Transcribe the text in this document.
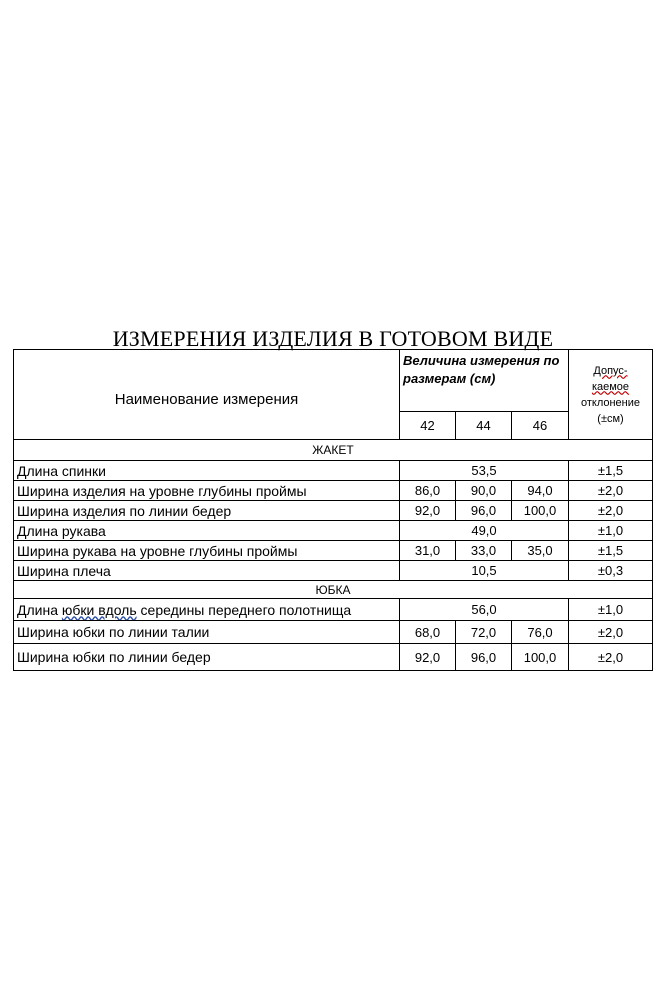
ИЗМЕРЕНИЯ ИЗДЕЛИЯ В ГОТОВОМ ВИДЕ
Наименование измерения	Величина измерения по размерам (см)			Допус-
каемое
отклонение
(±см)
	42	44	46	
ЖАКЕТ				
Длина спинки	53,5			±1,5
Ширина изделия на уровне глубины проймы	86,0	90,0	94,0	±2,0
Ширина изделия по линии бедер	92,0	96,0	100,0	±2,0
Длина рукава	49,0			±1,0
Ширина рукава на уровне глубины проймы	31,0	33,0	35,0	±1,5
Ширина плеча	10,5			±0,3
ЮБКА				
Длина юбки вдоль середины переднего полотнища	56,0			±1,0
Ширина юбки по линии талии	68,0	72,0	76,0	±2,0
Ширина юбки по линии бедер	92,0	96,0	100,0	±2,0
